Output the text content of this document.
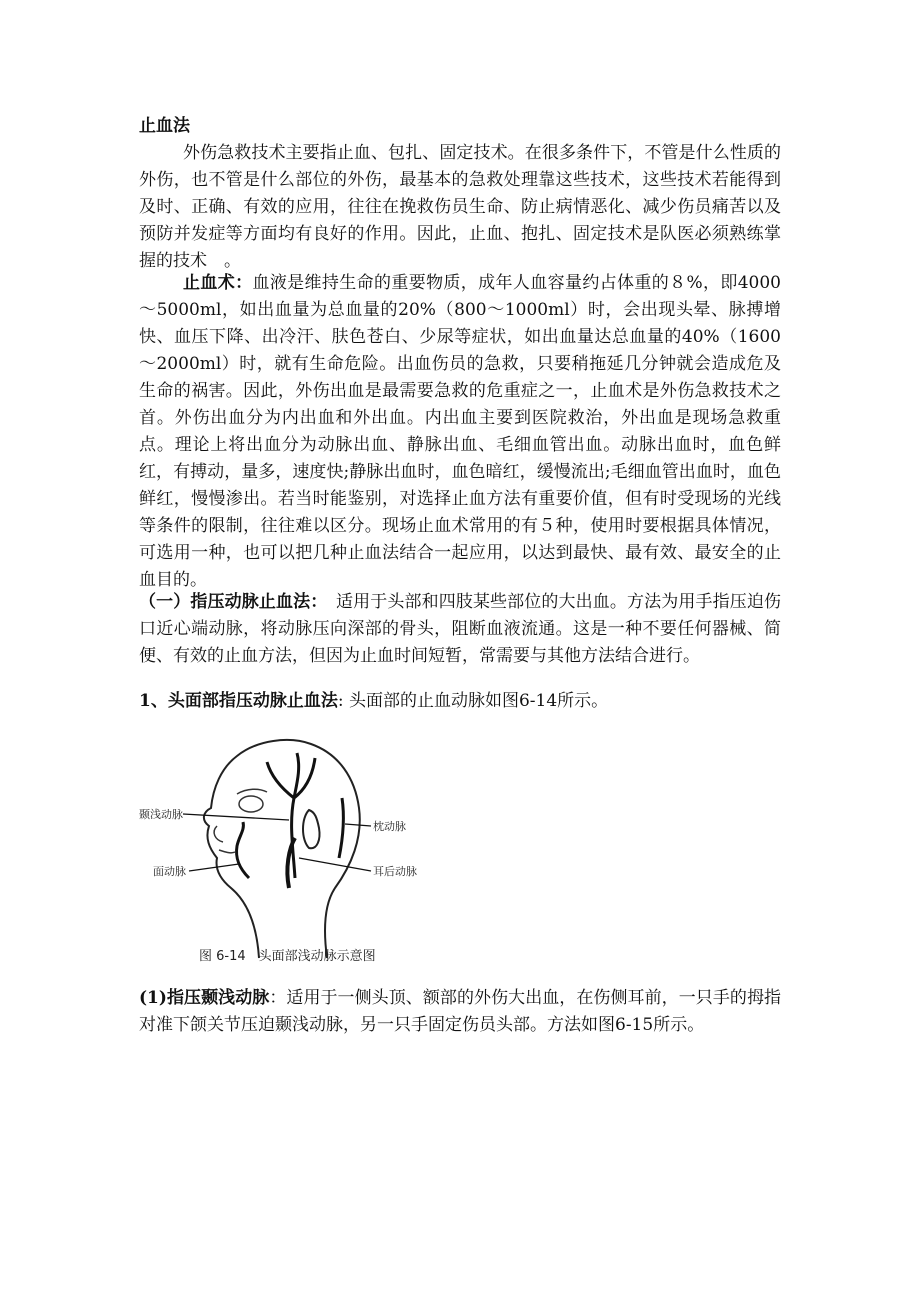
止血法

外伤急救技术主要指止血、包扎、固定技术。在很多条件下，不管是什么性质的外伤，也不管是什么部位的外伤，最基本的急救处理靠这些技术，这些技术若能得到及时、正确、有效的应用，往往在挽救伤员生命、防止病情恶化、减少伤员痛苦以及预防并发症等方面均有良好的作用。因此，止血、抱扎、固定技术是队医必须熟练掌握的技术　。

止血术：血液是维持生命的重要物质，成年人血容量约占体重的８%，即4000～5000ml，如出血量为总血量的20%（800～1000ml）时，会出现头晕、脉搏增快、血压下降、出冷汗、肤色苍白、少尿等症状，如出血量达总血量的40%（1600～2000ml）时，就有生命危险。出血伤员的急救，只要稍拖延几分钟就会造成危及生命的祸害。因此，外伤出血是最需要急救的危重症之一，止血术是外伤急救技术之首。外伤出血分为内出血和外出血。内出血主要到医院救治，外出血是现场急救重点。理论上将出血分为动脉出血、静脉出血、毛细血管出血。动脉出血时，血色鲜红，有搏动，量多，速度快;静脉出血时，血色暗红，缓慢流出;毛细血管出血时，血色鲜红，慢慢渗出。若当时能鉴别，对选择止血方法有重要价值，但有时受现场的光线等条件的限制，往往难以区分。现场止血术常用的有５种，使用时要根据具体情况，可选用一种，也可以把几种止血法结合一起应用，以达到最快、最有效、最安全的止血目的。

（一）指压动脉止血法：　适用于头部和四肢某些部位的大出血。方法为用手指压迫伤口近心端动脉，将动脉压向深部的骨头，阻断血液流通。这是一种不要任何器械、简便、有效的止血方法，但因为止血时间短暂，常需要与其他方法结合进行。

1、头面部指压动脉止血法: 头面部的止血动脉如图6-14所示。

颞浅动脉
枕动脉
面动脉	耳后动脉
图 6-14　头面部浅动脉示意图

(1)指压颞浅动脉：适用于一侧头顶、额部的外伤大出血，在伤侧耳前，一只手的拇指对准下颌关节压迫颞浅动脉，另一只手固定伤员头部。方法如图6-15所示。
